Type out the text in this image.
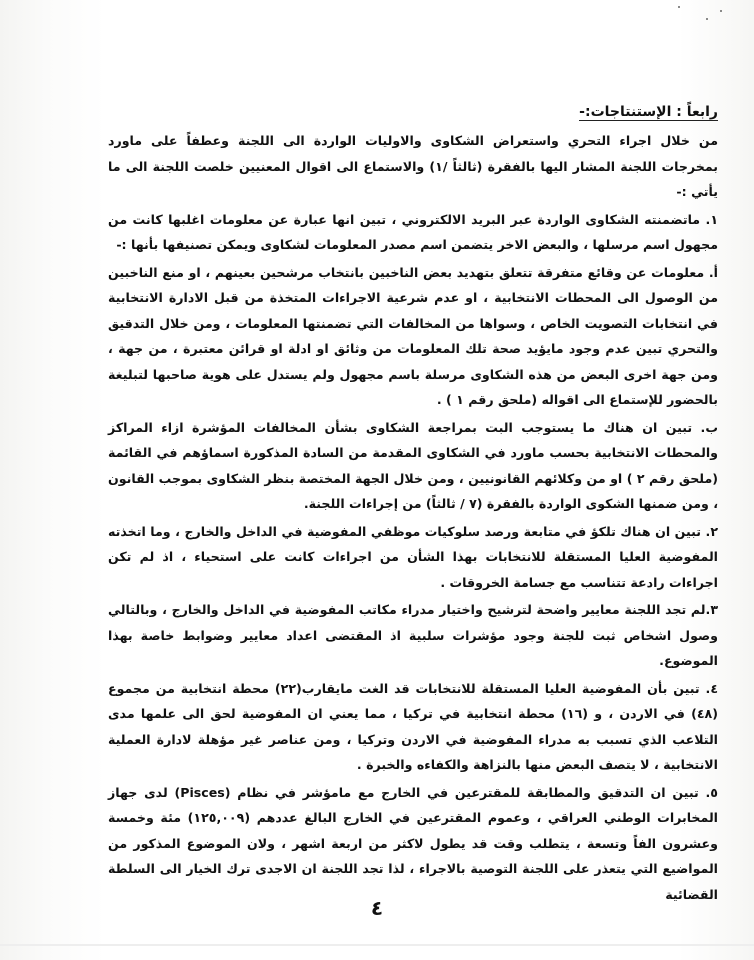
رابعاً : الإستنتاجات:-

من خلال اجراء التحري واستعراض الشكاوى والاوليات الواردة الى اللجنة وعطفاً على ماورد بمخرجات اللجنة المشار اليها بالفقرة (ثالثاً /١) والاستماع الى اقوال المعنيين خلصت اللجنة الى ما يأتي :-

١. ماتضمنته الشكاوى الواردة عبر البريد الالكتروني ، تبين انها عبارة عن معلومات اغلبها كانت من مجهول اسم مرسلها ، والبعض الاخر يتضمن اسم مصدر المعلومات لشكاوى ويمكن تصنيفها بأنها :-

أ. معلومات عن وقائع متفرقة تتعلق بتهديد بعض الناخبين بانتخاب مرشحين بعينهم ، او منع الناخبين من الوصول الى المحطات الانتخابية ، او عدم شرعية الاجراءات المتخذة من قبل الادارة الانتخابية في انتخابات التصويت الخاص ، وسواها من المخالفات التي تضمنتها المعلومات ، ومن خلال التدقيق والتحري تبين عدم وجود مايؤيد صحة تلك المعلومات من وثائق او ادلة او قرائن معتبرة ، من جهة ، ومن جهة اخرى البعض من هذه الشكاوى مرسلة باسم مجهول ولم يستدل على هوية صاحبها لتبليغة بالحضور للإستماع الى اقواله (ملحق رقم ١ ) .

ب. تبين ان هناك ما يستوجب البت بمراجعة الشكاوى بشأن المخالفات المؤشرة ازاء المراكز والمحطات الانتخابية بحسب ماورد في الشكاوى المقدمة من السادة المذكورة اسماؤهم في القائمة (ملحق رقم ٢ ) او من وكلائهم القانونيين ، ومن خلال الجهة المختصة بنظر الشكاوى بموجب القانون ، ومن ضمنها الشكوى الواردة بالفقرة (٧ / ثالثاً) من إجراءات اللجنة.

٢. تبين ان هناك تلكؤ في متابعة ورصد سلوكيات موظفي المفوضية في الداخل والخارج ، وما اتخذته المفوضية العليا المستقلة للانتخابات بهذا الشأن من اجراءات كانت على استحياء ، اذ لم تكن اجراءات رادعة تتناسب مع جسامة الخروقات .

٣.لم تجد اللجنة معايير واضحة لترشيح واختيار مدراء مكاتب المفوضية في الداخل والخارج ، وبالتالي وصول اشخاص ثبت للجنة وجود مؤشرات سلبية اذ المقتضى اعداد معايير وضوابط خاصة بهذا الموضوع.

٤. تبين بأن المفوضية العليا المستقلة للانتخابات قد الغت مايقارب(٢٢) محطة انتخابية من مجموع (٤٨) في الاردن ، و (١٦) محطة انتخابية في تركيا ، مما يعني ان المفوضية لحق الى علمها مدى التلاعب الذي تسبب به مدراء المفوضية في الاردن وتركيا ، ومن عناصر غير مؤهلة لادارة العملية الانتخابية ، لا يتصف البعض منها بالنزاهة والكفاءه والخبرة .

٥. تبين ان التدقيق والمطابقة للمقترعين في الخارج مع مامؤشر في نظام (Pisces) لدى جهاز المخابرات الوطني العراقي ، وعموم المقترعين في الخارج البالغ عددهم (١٢٥,٠٠٩) مئة وخمسة وعشرون الفاً وتسعة ، يتطلب وقت قد يطول لاكثر من اربعة اشهر ، ولان الموضوع المذكور من المواضيع التي يتعذر على اللجنة التوصية بالاجراء ، لذا تجد اللجنة ان الاجدى ترك الخيار الى السلطة القضائية

٤
